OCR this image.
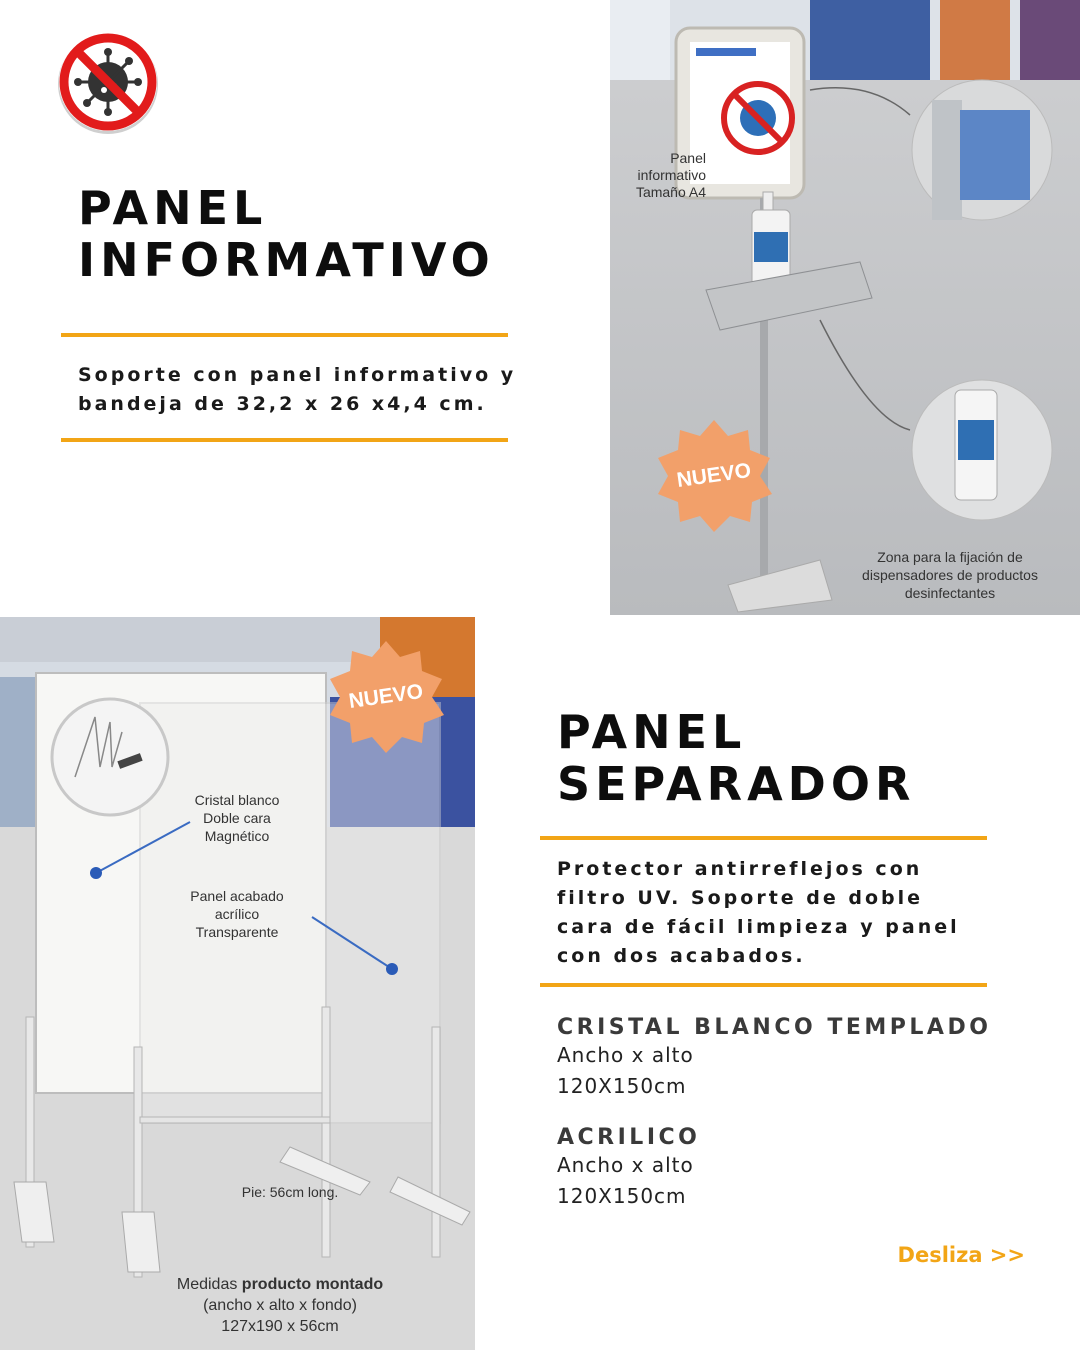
PANEL
INFORMATIVO
Soporte con panel informativo y bandeja de 32,2 x 26 x4,4 cm.
Panel
informativo
Tamaño A4
NUEVO
Zona para la fijación de
dispensadores de productos
desinfectantes
NUEVO
Cristal blanco
Doble cara
Magnético
Panel acabado
acrílico
Transparente
Pie: 56cm long.
Medidas producto montado
(ancho x alto x fondo)
127x190 x 56cm
PANEL
SEPARADOR
Protector antirreflejos con filtro UV. Soporte de doble cara de fácil limpieza y panel con dos acabados.
CRISTAL BLANCO TEMPLADO
Ancho x alto
120X150cm
ACRILICO
Ancho x alto
120X150cm
Desliza >>
